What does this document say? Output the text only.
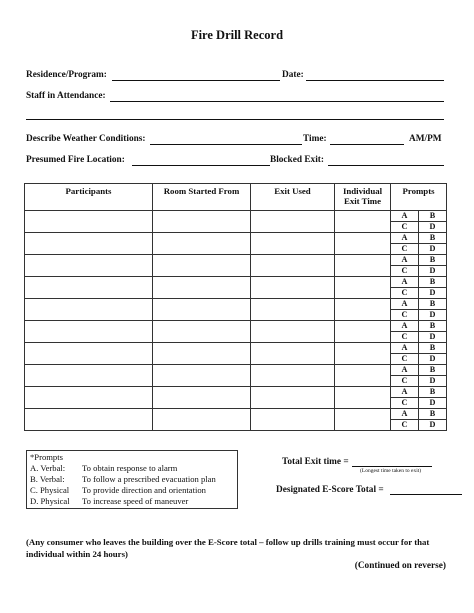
Fire Drill Record
Residence/Program:	Date:
Staff in Attendance:
Describe Weather Conditions:	Time:	AM/PM
Presumed Fire Location:	Blocked Exit:
Participants	Room Started From	Exit Used	Individual Exit Time	Prompts	
				A	B
				C	D
				A	B
				C	D
				A	B
				C	D
				A	B
				C	D
				A	B
				C	D
				A	B
				C	D
				A	B
				C	D
				A	B
				C	D
				A	B
				C	D
				A	B
				C	D
*Prompts
A. Verbal: To obtain response to alarm
B. Verbal: To follow a prescribed evacuation plan
C. Physical To provide direction and orientation
D. Physical To increase speed of maneuver
Total Exit time =
(Longest time taken to exit)
Designated E-Score Total =
(Any consumer who leaves the building over the E-Score total – follow up drills training must occur for that individual within 24 hours)
(Continued on reverse)
